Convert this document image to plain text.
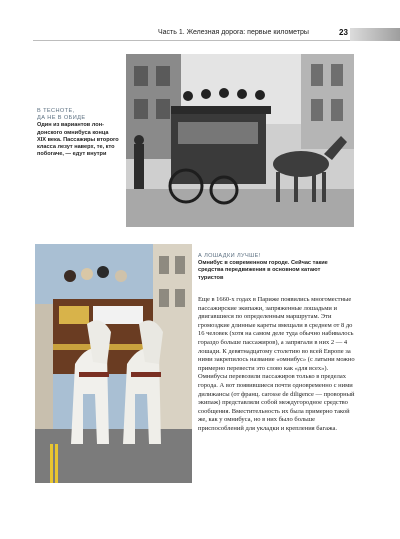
Часть 1. Железная дорога: первые километры	23
В ТЕСНОТЕ,
ДА НЕ В ОБИДЕ
Один из вариантов лондонского омнибуса конца XIX века. Пассажиры второго класса лезут наверх, те, кто побогаче, — едут внутри
А ЛОШАДКИ ЛУЧШЕ!
Омнибус в современном городе. Сейчас такие средства передвижения в основном катают туристов
Еще в 1660-х годах в Париже появились многоместные пассажирские экипажи, запряженные лошадьми и двигавшиеся по определенным маршрутам. Эти громоздкие длинные кареты вмещали в среднем от 8 до 16 человек (хотя на самом деле туда обычно набивалось гораздо больше пассажиров), а запрягали в них 2 — 4 лошади. К девятнадцатому столетию во всей Европе за ними закрепилось название «омнибус» (с латыни можно примерно перевести это слово как «для всех»). Омнибусы перевозили пассажиров только в пределах города. А вот появившиеся почти одновременно с ними дилижансы (от франц. carosse de diligence — проворный экипаж) представляли собой междугородное средство сообщения. Вместительность их была примерно такой же, как у омнибуса, но в них было больше приспособлений для укладки и крепления багажа.
